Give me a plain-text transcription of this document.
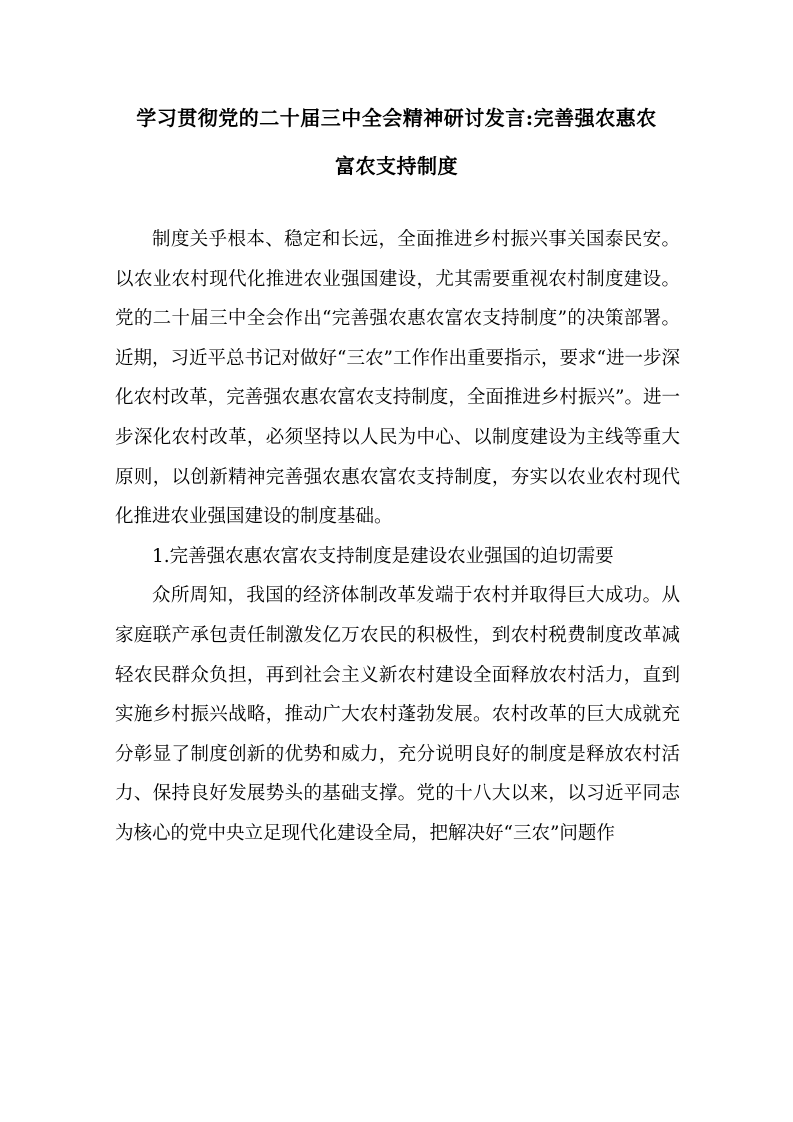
学习贯彻党的二十届三中全会精神研讨发言:完善强农惠农
富农支持制度

制度关乎根本、稳定和长远，全面推进乡村振兴事关国泰民安。以农业农村现代化推进农业强国建设，尤其需要重视农村制度建设。党的二十届三中全会作出“完善强农惠农富农支持制度”的决策部署。近期，习近平总书记对做好“三农”工作作出重要指示，要求“进一步深化农村改革，完善强农惠农富农支持制度，全面推进乡村振兴”。进一步深化农村改革，必须坚持以人民为中心、以制度建设为主线等重大原则，以创新精神完善强农惠农富农支持制度，夯实以农业农村现代化推进农业强国建设的制度基础。

1.完善强农惠农富农支持制度是建设农业强国的迫切需要

众所周知，我国的经济体制改革发端于农村并取得巨大成功。从家庭联产承包责任制激发亿万农民的积极性，到农村税费制度改革减轻农民群众负担，再到社会主义新农村建设全面释放农村活力，直到实施乡村振兴战略，推动广大农村蓬勃发展。农村改革的巨大成就充分彰显了制度创新的优势和威力，充分说明良好的制度是释放农村活力、保持良好发展势头的基础支撑。党的十八大以来，以习近平同志为核心的党中央立足现代化建设全局，把解决好“三农”问题作
